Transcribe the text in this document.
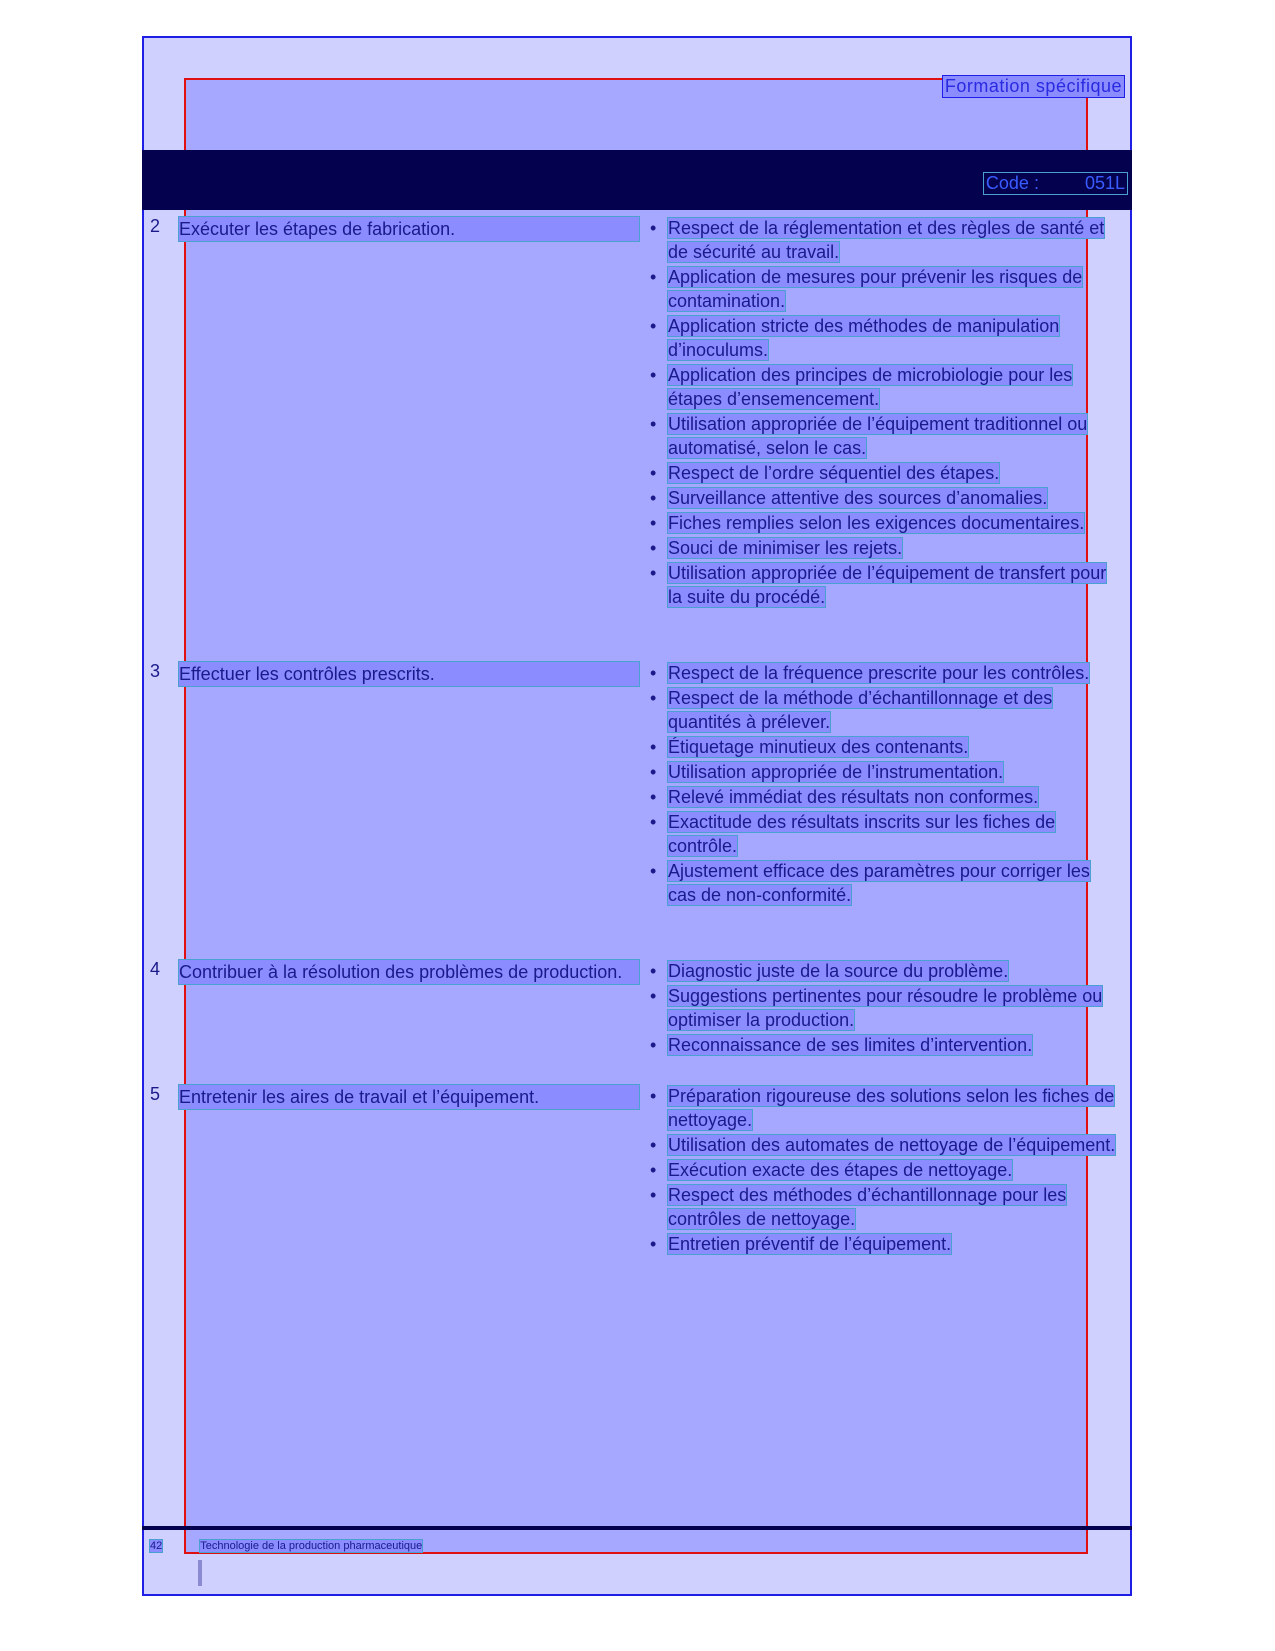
Formation spécifique
Code :	051L
2	Exécuter les étapes de fabrication.	• Respect de la réglementation et des règles de santé et de sécurité au travail.
• Application de mesures pour prévenir les risques de contamination.
• Application stricte des méthodes de manipulation d’inoculums.
• Application des principes de microbiologie pour les étapes d’ensemencement.
• Utilisation appropriée de l’équipement traditionnel ou automatisé, selon le cas.
• Respect de l’ordre séquentiel des étapes.
• Surveillance attentive des sources d’anomalies.
• Fiches remplies selon les exigences documentaires.
• Souci de minimiser les rejets.
• Utilisation appropriée de l’équipement de transfert pour la suite du procédé.
3	Effectuer les contrôles prescrits.	• Respect de la fréquence prescrite pour les contrôles.
• Respect de la méthode d’échantillonnage et des quantités à prélever.
• Étiquetage minutieux des contenants.
• Utilisation appropriée de l’instrumentation.
• Relevé immédiat des résultats non conformes.
• Exactitude des résultats inscrits sur les fiches de contrôle.
• Ajustement efficace des paramètres pour corriger les cas de non-conformité.
4	Contribuer à la résolution des problèmes de production.	• Diagnostic juste de la source du problème.
• Suggestions pertinentes pour résoudre le problème ou optimiser la production.
• Reconnaissance de ses limites d’intervention.
5	Entretenir les aires de travail et l’équipement.	• Préparation rigoureuse des solutions selon les fiches de nettoyage.
• Utilisation des automates de nettoyage de l’équipement.
• Exécution exacte des étapes de nettoyage.
• Respect des méthodes d’échantillonnage pour les contrôles de nettoyage.
• Entretien préventif de l’équipement.
42	Technologie de la production pharmaceutique
